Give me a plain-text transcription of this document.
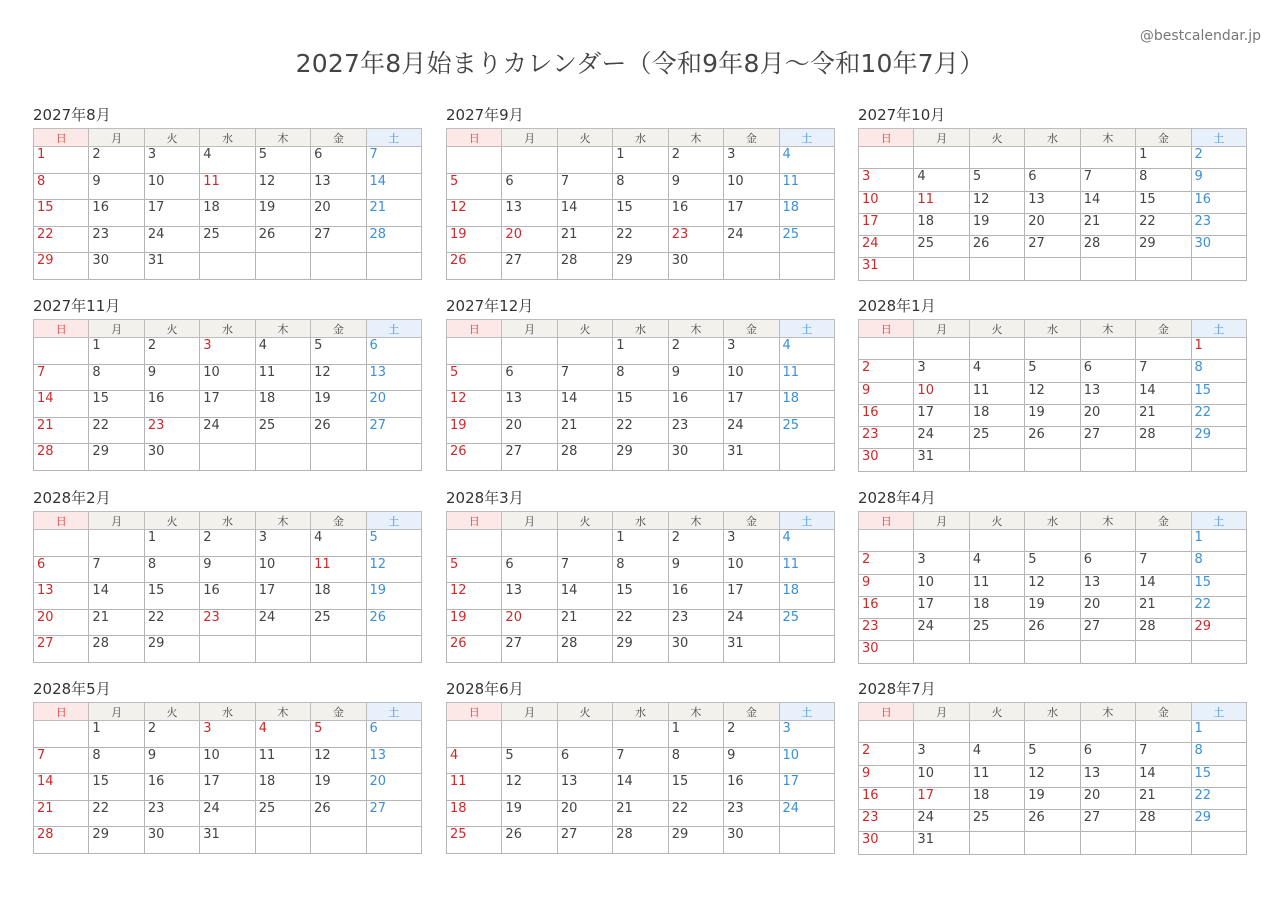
@bestcalendar.jp
2027年8月始まりカレンダー（令和9年8月〜令和10年7月）
2027年8月
日	月	火	水	木	金	土
1	2	3	4	5	6	7
8	9	10	11	12	13	14
15	16	17	18	19	20	21
22	23	24	25	26	27	28
29	30	31				
2027年9月
日	月	火	水	木	金	土
			1	2	3	4
5	6	7	8	9	10	11
12	13	14	15	16	17	18
19	20	21	22	23	24	25
26	27	28	29	30		
2027年10月
日	月	火	水	木	金	土
					1	2
3	4	5	6	7	8	9
10	11	12	13	14	15	16
17	18	19	20	21	22	23
24	25	26	27	28	29	30
31						
2027年11月
日	月	火	水	木	金	土
	1	2	3	4	5	6
7	8	9	10	11	12	13
14	15	16	17	18	19	20
21	22	23	24	25	26	27
28	29	30				
2027年12月
日	月	火	水	木	金	土
			1	2	3	4
5	6	7	8	9	10	11
12	13	14	15	16	17	18
19	20	21	22	23	24	25
26	27	28	29	30	31	
2028年1月
日	月	火	水	木	金	土
						1
2	3	4	5	6	7	8
9	10	11	12	13	14	15
16	17	18	19	20	21	22
23	24	25	26	27	28	29
30	31					
2028年2月
日	月	火	水	木	金	土
		1	2	3	4	5
6	7	8	9	10	11	12
13	14	15	16	17	18	19
20	21	22	23	24	25	26
27	28	29				
2028年3月
日	月	火	水	木	金	土
			1	2	3	4
5	6	7	8	9	10	11
12	13	14	15	16	17	18
19	20	21	22	23	24	25
26	27	28	29	30	31	
2028年4月
日	月	火	水	木	金	土
						1
2	3	4	5	6	7	8
9	10	11	12	13	14	15
16	17	18	19	20	21	22
23	24	25	26	27	28	29
30						
2028年5月
日	月	火	水	木	金	土
	1	2	3	4	5	6
7	8	9	10	11	12	13
14	15	16	17	18	19	20
21	22	23	24	25	26	27
28	29	30	31			
2028年6月
日	月	火	水	木	金	土
				1	2	3
4	5	6	7	8	9	10
11	12	13	14	15	16	17
18	19	20	21	22	23	24
25	26	27	28	29	30	
2028年7月
日	月	火	水	木	金	土
						1
2	3	4	5	6	7	8
9	10	11	12	13	14	15
16	17	18	19	20	21	22
23	24	25	26	27	28	29
30	31					
